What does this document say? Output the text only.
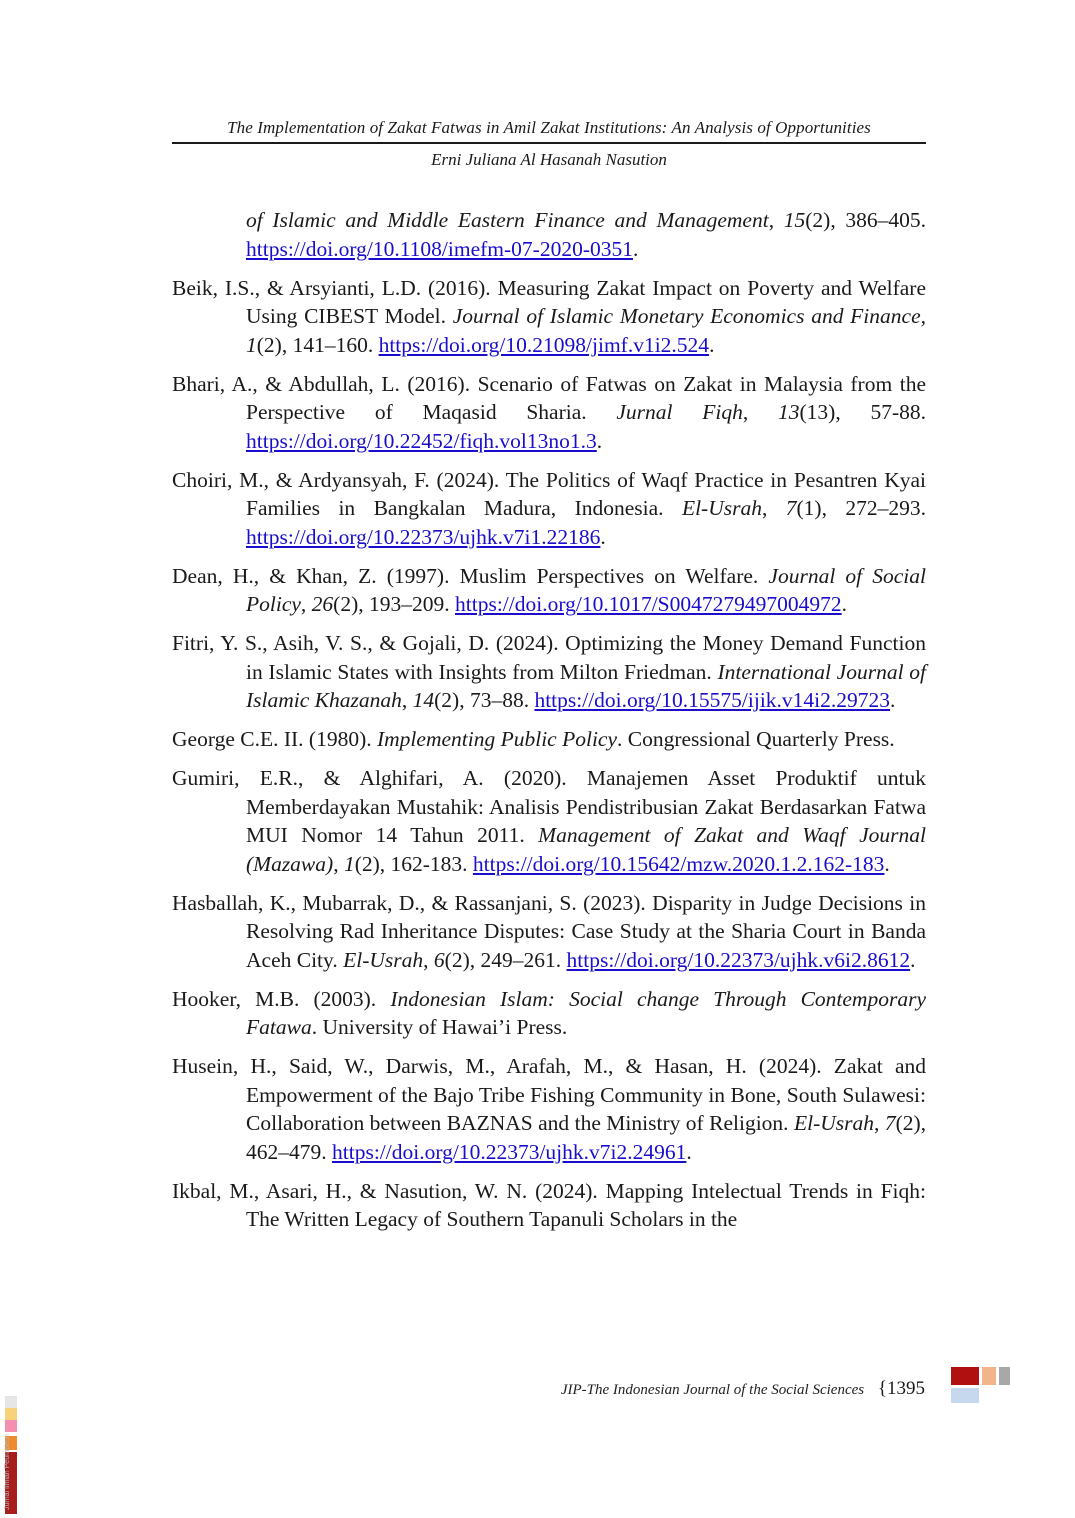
The Implementation of Zakat Fatwas in Amil Zakat Institutions: An Analysis of Opportunities
Erni Juliana Al Hasanah Nasution
of Islamic and Middle Eastern Finance and Management, 15(2), 386–405. https://doi.org/10.1108/imefm-07-2020-0351.
Beik, I.S., & Arsyianti, L.D. (2016). Measuring Zakat Impact on Poverty and Welfare Using CIBEST Model. Journal of Islamic Monetary Economics and Finance, 1(2), 141–160. https://doi.org/10.21098/jimf.v1i2.524.
Bhari, A., & Abdullah, L. (2016). Scenario of Fatwas on Zakat in Malaysia from the Perspective of Maqasid Sharia. Jurnal Fiqh, 13(13), 57-88. https://doi.org/10.22452/fiqh.vol13no1.3.
Choiri, M., & Ardyansyah, F. (2024). The Politics of Waqf Practice in Pesantren Kyai Families in Bangkalan Madura, Indonesia. El-Usrah, 7(1), 272–293. https://doi.org/10.22373/ujhk.v7i1.22186.
Dean, H., & Khan, Z. (1997). Muslim Perspectives on Welfare. Journal of Social Policy, 26(2), 193–209. https://doi.org/10.1017/S0047279497004972.
Fitri, Y. S., Asih, V. S., & Gojali, D. (2024). Optimizing the Money Demand Function in Islamic States with Insights from Milton Friedman. International Journal of Islamic Khazanah, 14(2), 73–88. https://doi.org/10.15575/ijik.v14i2.29723.
George C.E. II. (1980). Implementing Public Policy. Congressional Quarterly Press.
Gumiri, E.R., & Alghifari, A. (2020). Manajemen Asset Produktif untuk Memberdayakan Mustahik: Analisis Pendistribusian Zakat Berdasarkan Fatwa MUI Nomor 14 Tahun 2011. Management of Zakat and Waqf Journal (Mazawa), 1(2), 162-183. https://doi.org/10.15642/mzw.2020.1.2.162-183.
Hasballah, K., Mubarrak, D., & Rassanjani, S. (2023). Disparity in Judge Decisions in Resolving Rad Inheritance Disputes: Case Study at the Sharia Court in Banda Aceh City. El-Usrah, 6(2), 249–261. https://doi.org/10.22373/ujhk.v6i2.8612.
Hooker, M.B. (2003). Indonesian Islam: Social change Through Contemporary Fatawa. University of Hawai’i Press.
Husein, H., Said, W., Darwis, M., Arafah, M., & Hasan, H. (2024). Zakat and Empowerment of the Bajo Tribe Fishing Community in Bone, South Sulawesi: Collaboration between BAZNAS and the Ministry of Religion. El-Usrah, 7(2), 462–479. https://doi.org/10.22373/ujhk.v7i2.24961.
Ikbal, M., Asari, H., & Nasution, W. N. (2024). Mapping Intelectual Trends in Fiqh: The Written Legacy of Southern Tapanuli Scholars in the
JIP-The Indonesian Journal of the Social Sciences {1395
Jurnal Ilmiah Peuradeun
